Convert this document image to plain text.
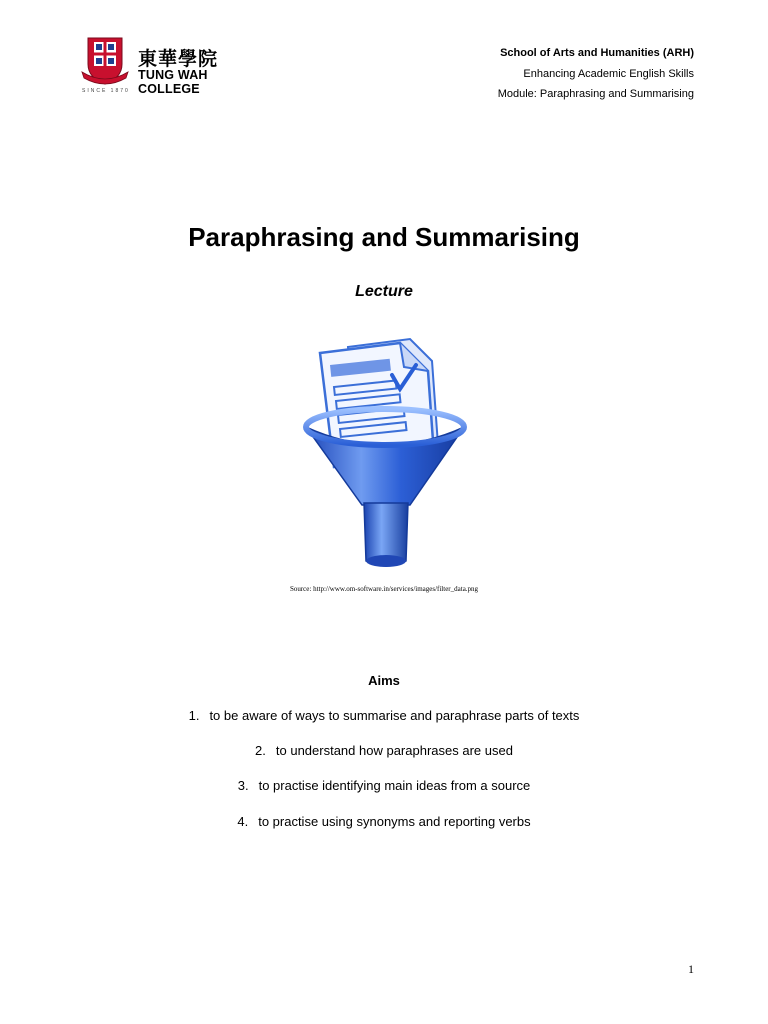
東華學院
TUNG WAH COLLEGE
SINCE 1870
School of Arts and Humanities (ARH)
Enhancing Academic English Skills
Module: Paraphrasing and Summarising
Paraphrasing and Summarising
Lecture
Source: http://www.om-software.in/services/images/filter_data.png
Aims
1. to be aware of ways to summarise and paraphrase parts of texts
2. to understand how paraphrases are used
3. to practise identifying main ideas from a source
4. to practise using synonyms and reporting verbs
1
